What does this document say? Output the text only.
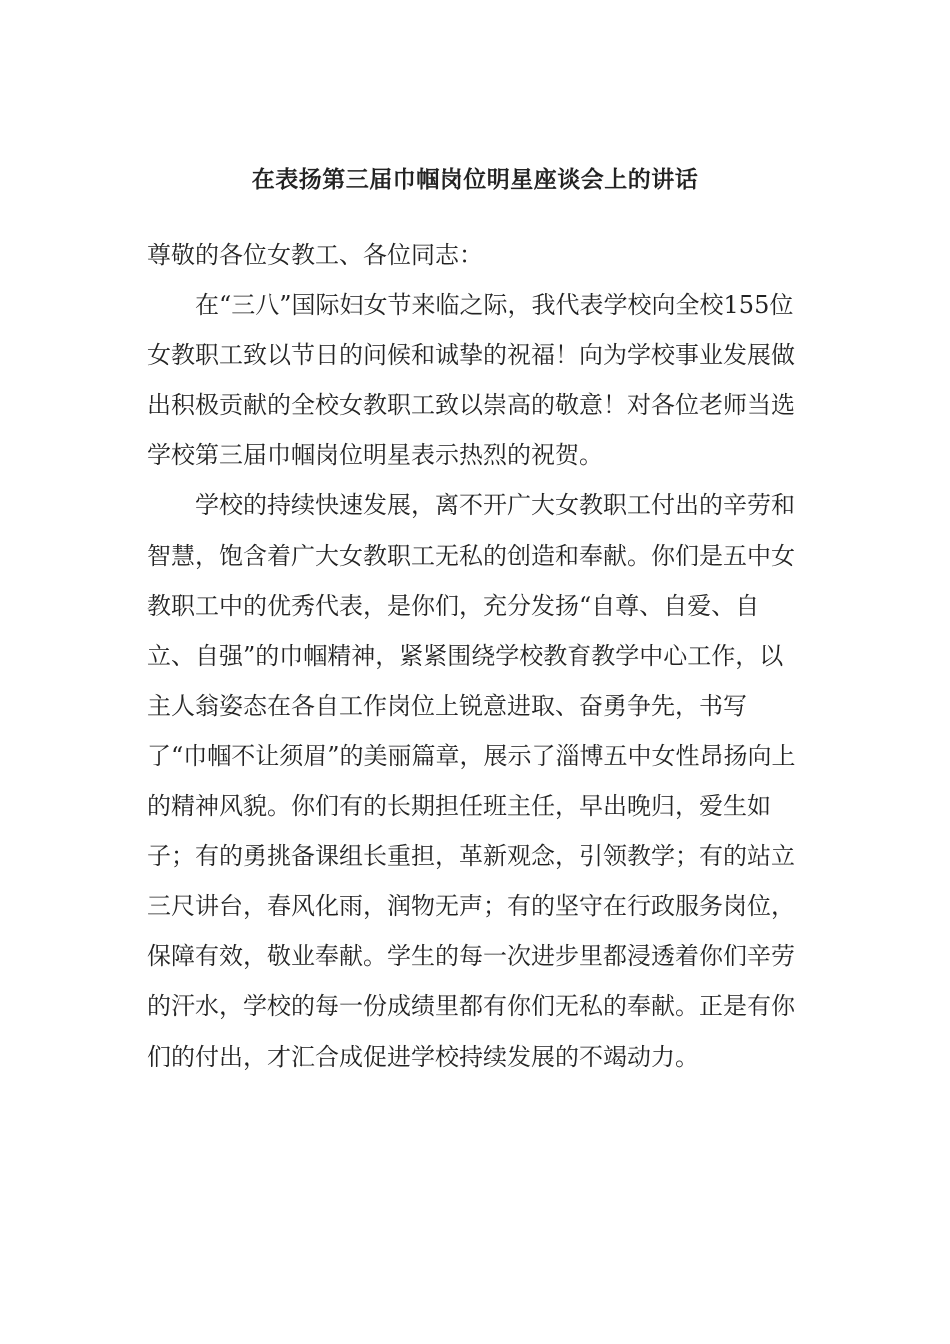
在表扬第三届巾帼岗位明星座谈会上的讲话

尊敬的各位女教工、各位同志：

在“三八”国际妇女节来临之际，我代表学校向全校155位女教职工致以节日的问候和诚挚的祝福！向为学校事业发展做出积极贡献的全校女教职工致以崇高的敬意！对各位老师当选学校第三届巾帼岗位明星表示热烈的祝贺。

学校的持续快速发展，离不开广大女教职工付出的辛劳和智慧，饱含着广大女教职工无私的创造和奉献。你们是五中女教职工中的优秀代表，是你们，充分发扬“自尊、自爱、自立、自强”的巾帼精神，紧紧围绕学校教育教学中心工作，以主人翁姿态在各自工作岗位上锐意进取、奋勇争先，书写了“巾帼不让须眉”的美丽篇章，展示了淄博五中女性昂扬向上的精神风貌。你们有的长期担任班主任，早出晚归，爱生如子；有的勇挑备课组长重担，革新观念，引领教学；有的站立三尺讲台，春风化雨，润物无声；有的坚守在行政服务岗位，保障有效，敬业奉献。学生的每一次进步里都浸透着你们辛劳的汗水，学校的每一份成绩里都有你们无私的奉献。正是有你们的付出，才汇合成促进学校持续发展的不竭动力。
